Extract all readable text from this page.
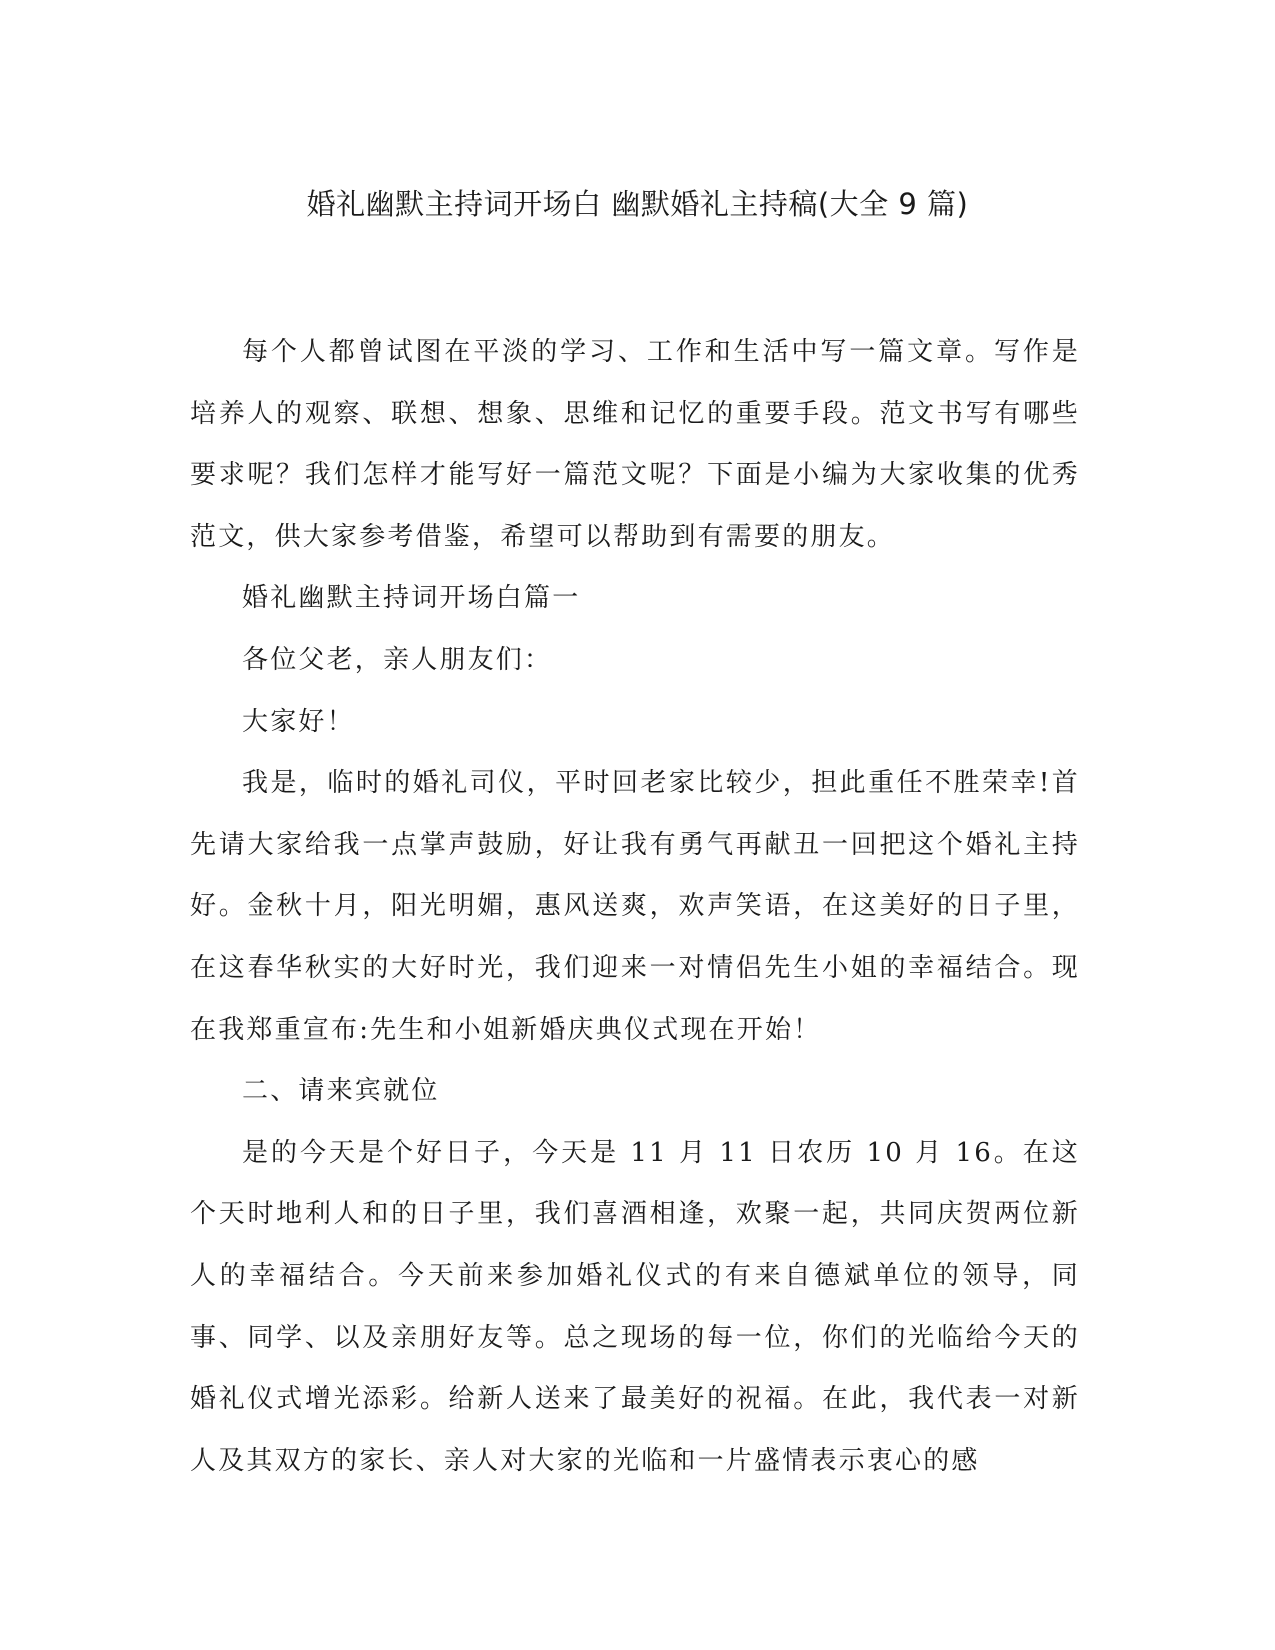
婚礼幽默主持词开场白 幽默婚礼主持稿(大全 9 篇)

每个人都曾试图在平淡的学习、工作和生活中写一篇文章。写作是培养人的观察、联想、想象、思维和记忆的重要手段。范文书写有哪些要求呢？我们怎样才能写好一篇范文呢？下面是小编为大家收集的优秀范文，供大家参考借鉴，希望可以帮助到有需要的朋友。

婚礼幽默主持词开场白篇一

各位父老，亲人朋友们：

大家好！

我是，临时的婚礼司仪，平时回老家比较少，担此重任不胜荣幸!首先请大家给我一点掌声鼓励，好让我有勇气再献丑一回把这个婚礼主持好。金秋十月，阳光明媚，惠风送爽，欢声笑语，在这美好的日子里，在这春华秋实的大好时光，我们迎来一对情侣先生小姐的幸福结合。现在我郑重宣布:先生和小姐新婚庆典仪式现在开始！

二、请来宾就位

是的今天是个好日子，今天是 11 月 11 日农历 10 月 16。在这个天时地利人和的日子里，我们喜酒相逢，欢聚一起，共同庆贺两位新人的幸福结合。今天前来参加婚礼仪式的有来自德斌单位的领导，同事、同学、以及亲朋好友等。总之现场的每一位，你们的光临给今天的婚礼仪式增光添彩。给新人送来了最美好的祝福。在此，我代表一对新人及其双方的家长、亲人对大家的光临和一片盛情表示衷心的感
